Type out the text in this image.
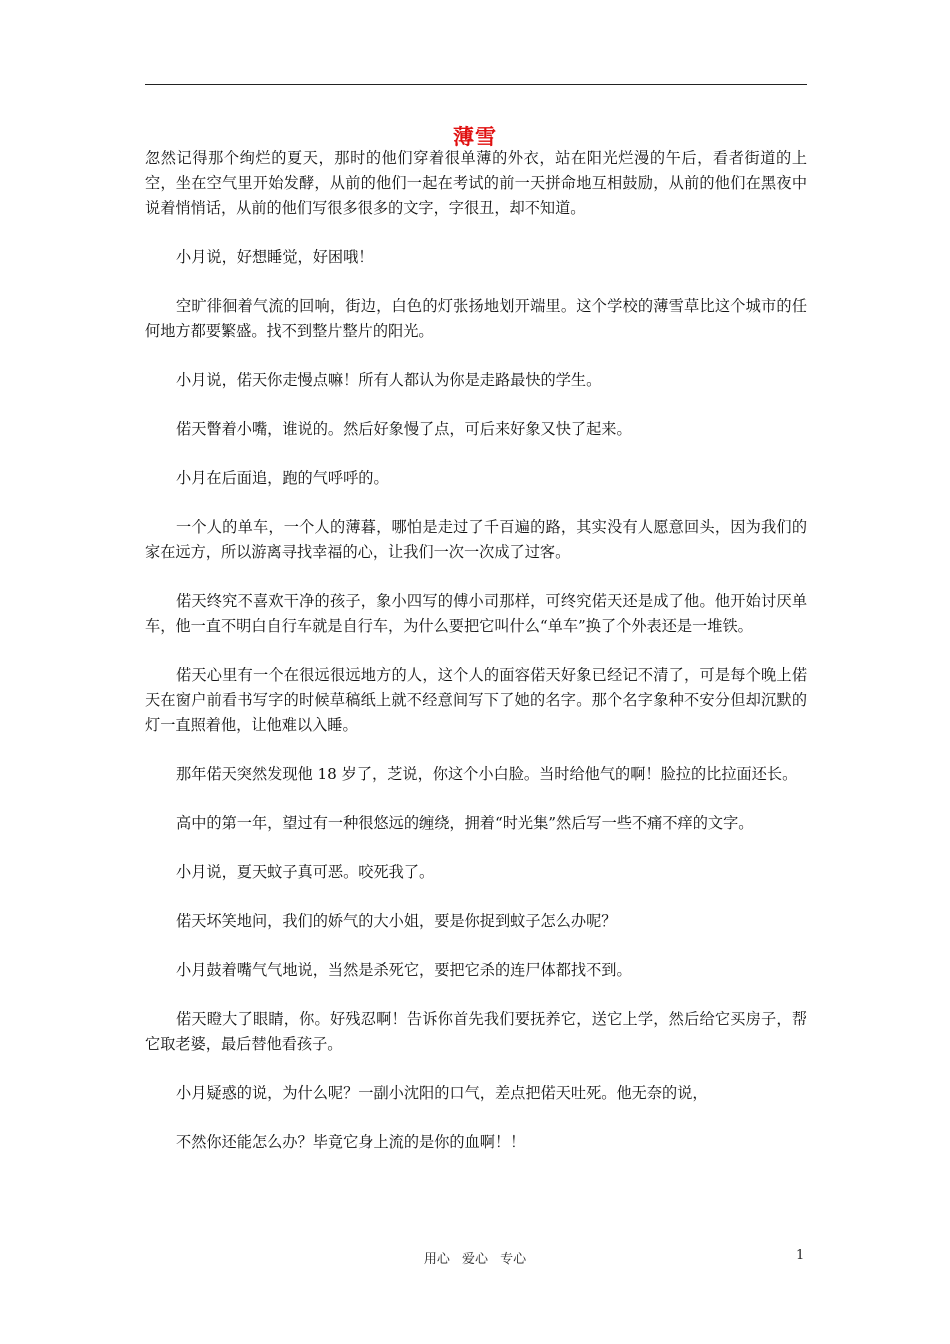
薄雪

忽然记得那个绚烂的夏天，那时的他们穿着很单薄的外衣，站在阳光烂漫的午后，看者街道的上空，坐在空气里开始发酵，从前的他们一起在考试的前一天拼命地互相鼓励，从前的他们在黑夜中说着悄悄话，从前的他们写很多很多的文字，字很丑，却不知道。

小月说，好想睡觉，好困哦！

空旷徘徊着气流的回响，街边，白色的灯张扬地划开端里。这个学校的薄雪草比这个城市的任何地方都要繁盛。找不到整片整片的阳光。

小月说，偌天你走慢点嘛！所有人都认为你是走路最快的学生。

偌天瞥着小嘴，谁说的。然后好象慢了点，可后来好象又快了起来。

小月在后面追，跑的气呼呼的。

一个人的单车，一个人的薄暮，哪怕是走过了千百遍的路，其实没有人愿意回头，因为我们的家在远方，所以游离寻找幸福的心，让我们一次一次成了过客。

偌天终究不喜欢干净的孩子，象小四写的傅小司那样，可终究偌天还是成了他。他开始讨厌单车，他一直不明白自行车就是自行车，为什么要把它叫什么“单车”换了个外表还是一堆铁。

偌天心里有一个在很远很远地方的人，这个人的面容偌天好象已经记不清了，可是每个晚上偌天在窗户前看书写字的时候草稿纸上就不经意间写下了她的名字。那个名字象种不安分但却沉默的灯一直照着他，让他难以入睡。

那年偌天突然发现他 18 岁了，芝说，你这个小白脸。当时给他气的啊！脸拉的比拉面还长。

高中的第一年，望过有一种很悠远的缠绕，拥着“时光集”然后写一些不痛不痒的文字。

小月说，夏天蚊子真可恶。咬死我了。

偌天坏笑地问，我们的娇气的大小姐，要是你捉到蚊子怎么办呢？

小月鼓着嘴气气地说，当然是杀死它，要把它杀的连尸体都找不到。

偌天瞪大了眼睛，你。好残忍啊！告诉你首先我们要抚养它，送它上学，然后给它买房子，帮它取老婆，最后替他看孩子。

小月疑惑的说，为什么呢？一副小沈阳的口气，差点把偌天吐死。他无奈的说，

不然你还能怎么办？毕竟它身上流的是你的血啊！！

用心 爱心 专心	1
